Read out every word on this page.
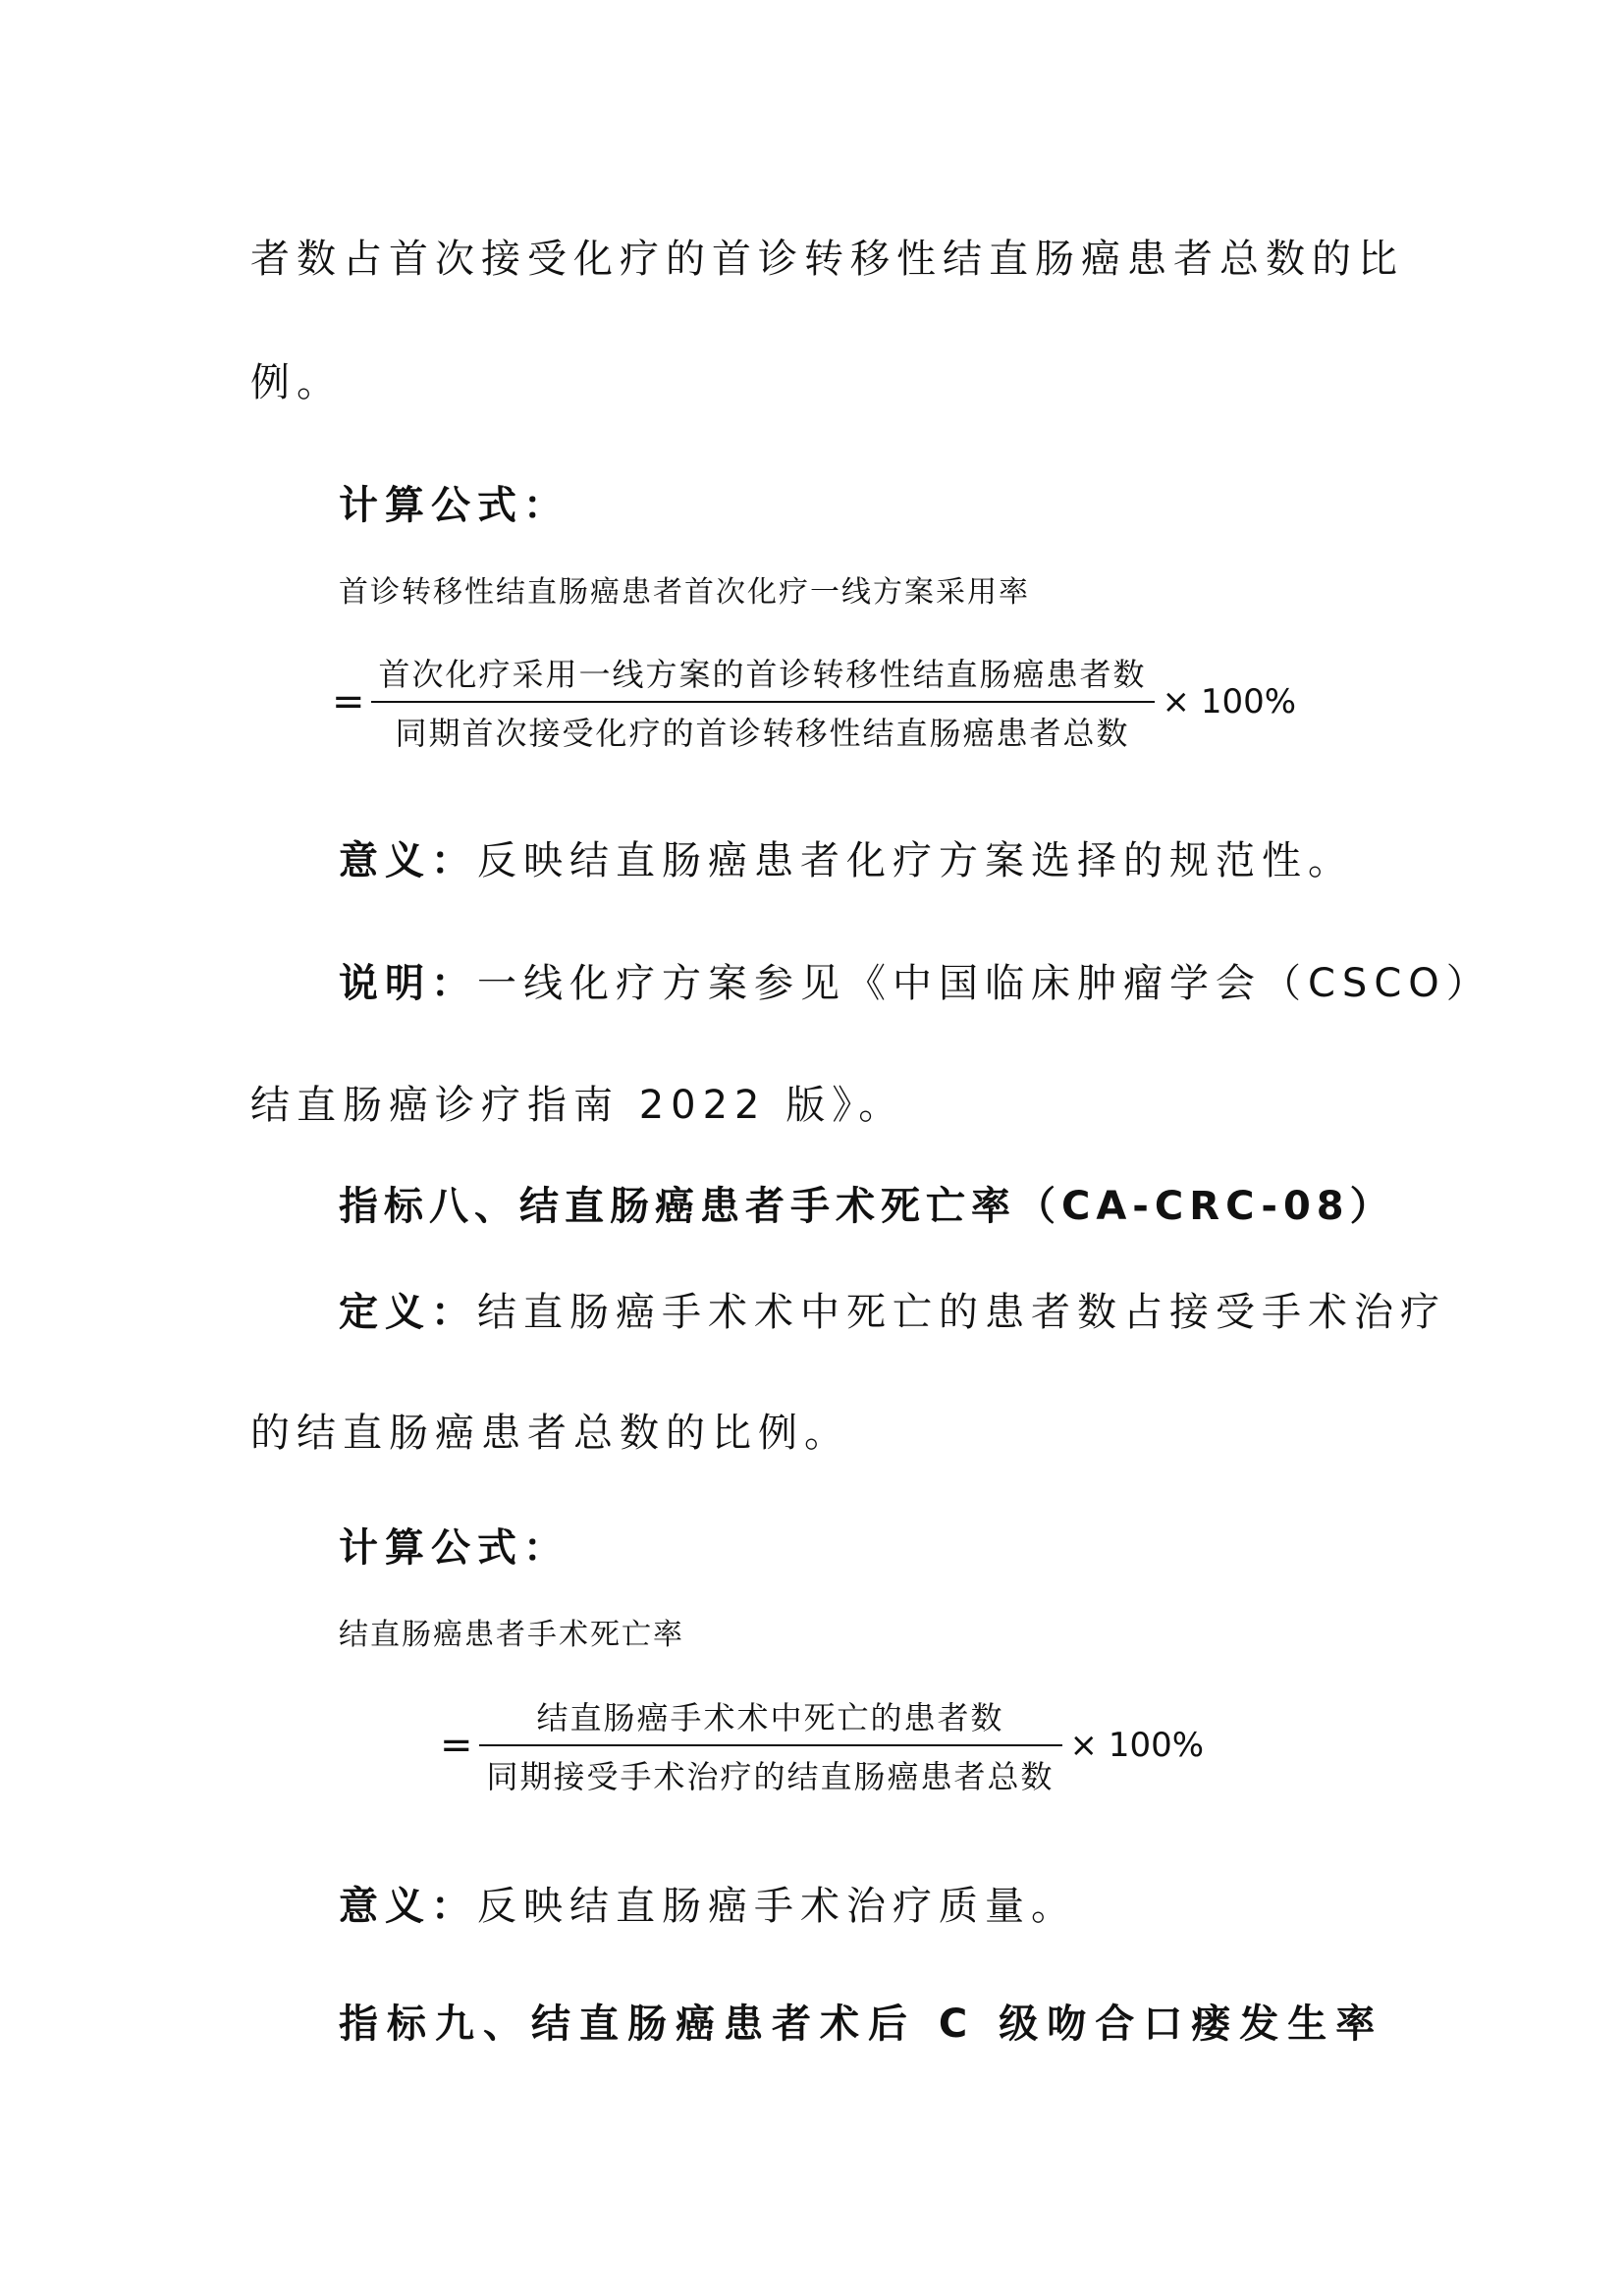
者数占首次接受化疗的首诊转移性结直肠癌患者总数的比
例。
计算公式：
首诊转移性结直肠癌患者首次化疗一线方案采用率
= $\frac{\text{首次化疗采用一线方案的首诊转移性结直肠癌患者数}}{\text{同期首次接受化疗的首诊转移性结直肠癌患者总数}} \times 100\%$
意义：反映结直肠癌患者化疗方案选择的规范性。
说明：一线化疗方案参见《中国临床肿瘤学会（CSCO）
结直肠癌诊疗指南 2022 版》。
指标八、结直肠癌患者手术死亡率（CA-CRC-08）
定义：结直肠癌手术术中死亡的患者数占接受手术治疗
的结直肠癌患者总数的比例。
计算公式：
结直肠癌患者手术死亡率
= $\frac{\text{结直肠癌手术术中死亡的患者数}}{\text{同期接受手术治疗的结直肠癌患者总数}} \times 100\%$
意义：反映结直肠癌手术治疗质量。
指标九、结直肠癌患者术后 C 级吻合口瘘发生率
